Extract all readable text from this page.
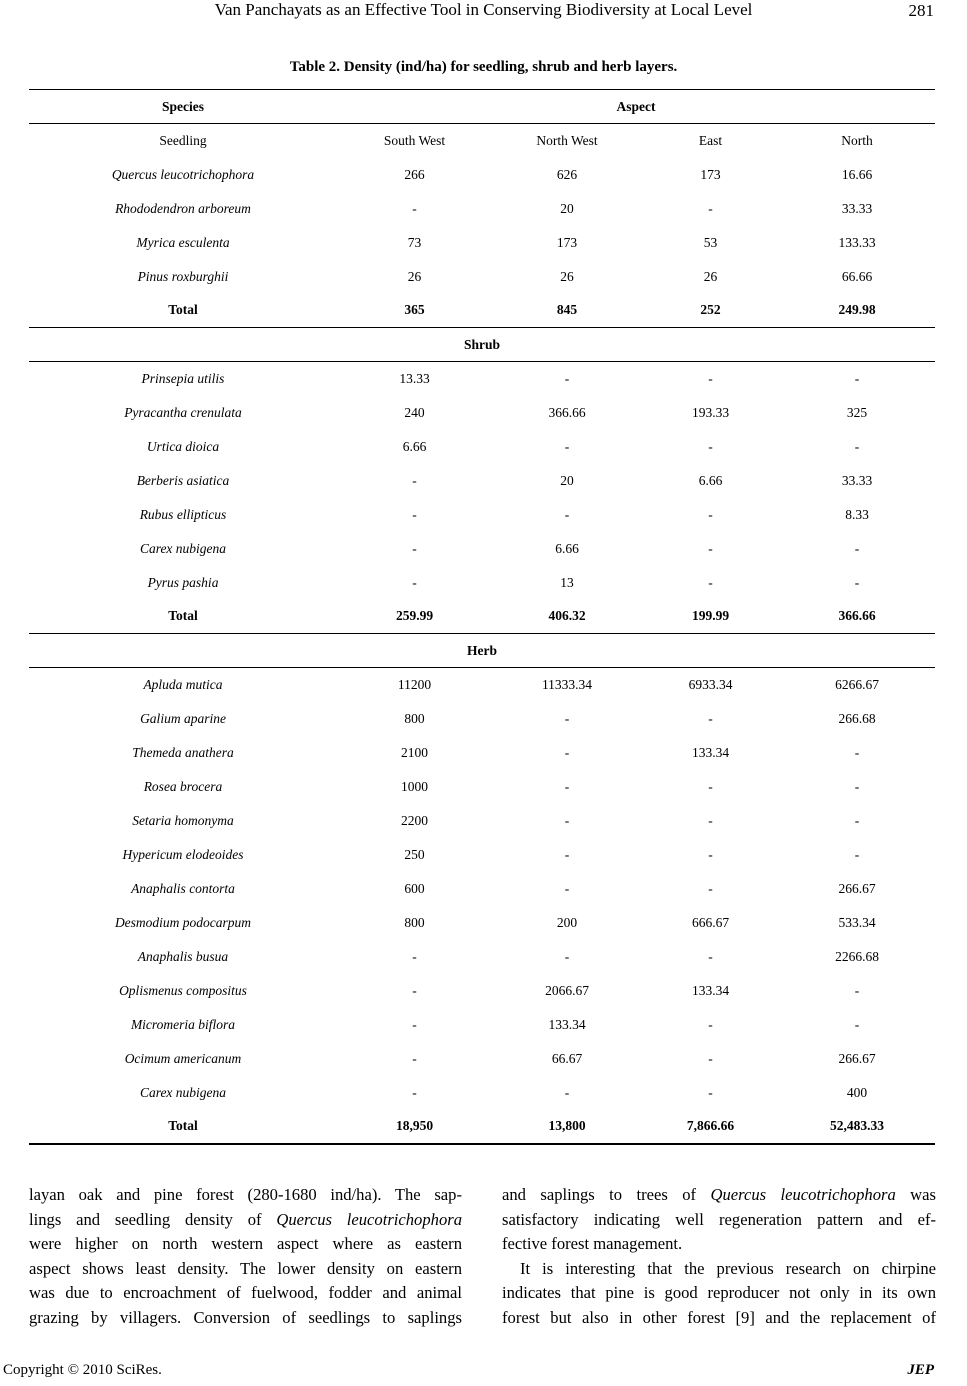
Van Panchayats as an Effective Tool in Conserving Biodiversity at Local Level	281
Table 2. Density (ind/ha) for seedling, shrub and herb layers.
Species	Aspect			
Seedling	South West	North West	East	North
Quercus leucotrichophora	266	626	173	16.66
Rhododendron arboreum	-	20	-	33.33
Myrica esculenta	73	173	53	133.33
Pinus roxburghii	26	26	26	66.66
Total	365	845	252	249.98
Shrub				
Prinsepia utilis	13.33	-	-	-
Pyracantha crenulata	240	366.66	193.33	325
Urtica dioica	6.66	-	-	-
Berberis asiatica	-	20	6.66	33.33
Rubus ellipticus	-	-	-	8.33
Carex nubigena	-	6.66	-	-
Pyrus pashia	-	13	-	-
Total	259.99	406.32	199.99	366.66
Herb				
Apluda mutica	11200	11333.34	6933.34	6266.67
Galium aparine	800	-	-	266.68
Themeda anathera	2100	-	133.34	-
Rosea brocera	1000	-	-	-
Setaria homonyma	2200	-	-	-
Hypericum elodeoides	250	-	-	-
Anaphalis contorta	600	-	-	266.67
Desmodium podocarpum	800	200	666.67	533.34
Anaphalis busua	-	-	-	2266.68
Oplismenus compositus	-	2066.67	133.34	-
Micromeria biflora	-	133.34	-	-
Ocimum americanum	-	66.67	-	266.67
Carex nubigena	-	-	-	400
Total	18,950	13,800	7,866.66	52,483.33

layan oak and pine forest (280-1680 ind/ha). The sap-
lings and seedling density of Quercus leucotrichophora
were higher on north western aspect where as eastern
aspect shows least density. The lower density on eastern
was due to encroachment of fuelwood, fodder and animal
grazing by villagers. Conversion of seedlings to saplings

and saplings to trees of Quercus leucotrichophora was
satisfactory indicating well regeneration pattern and ef-
fective forest management.

It is interesting that the previous research on chirpine
indicates that pine is good reproducer not only in its own
forest but also in other forest [9] and the replacement of

Copyright © 2010 SciRes.	JEP
